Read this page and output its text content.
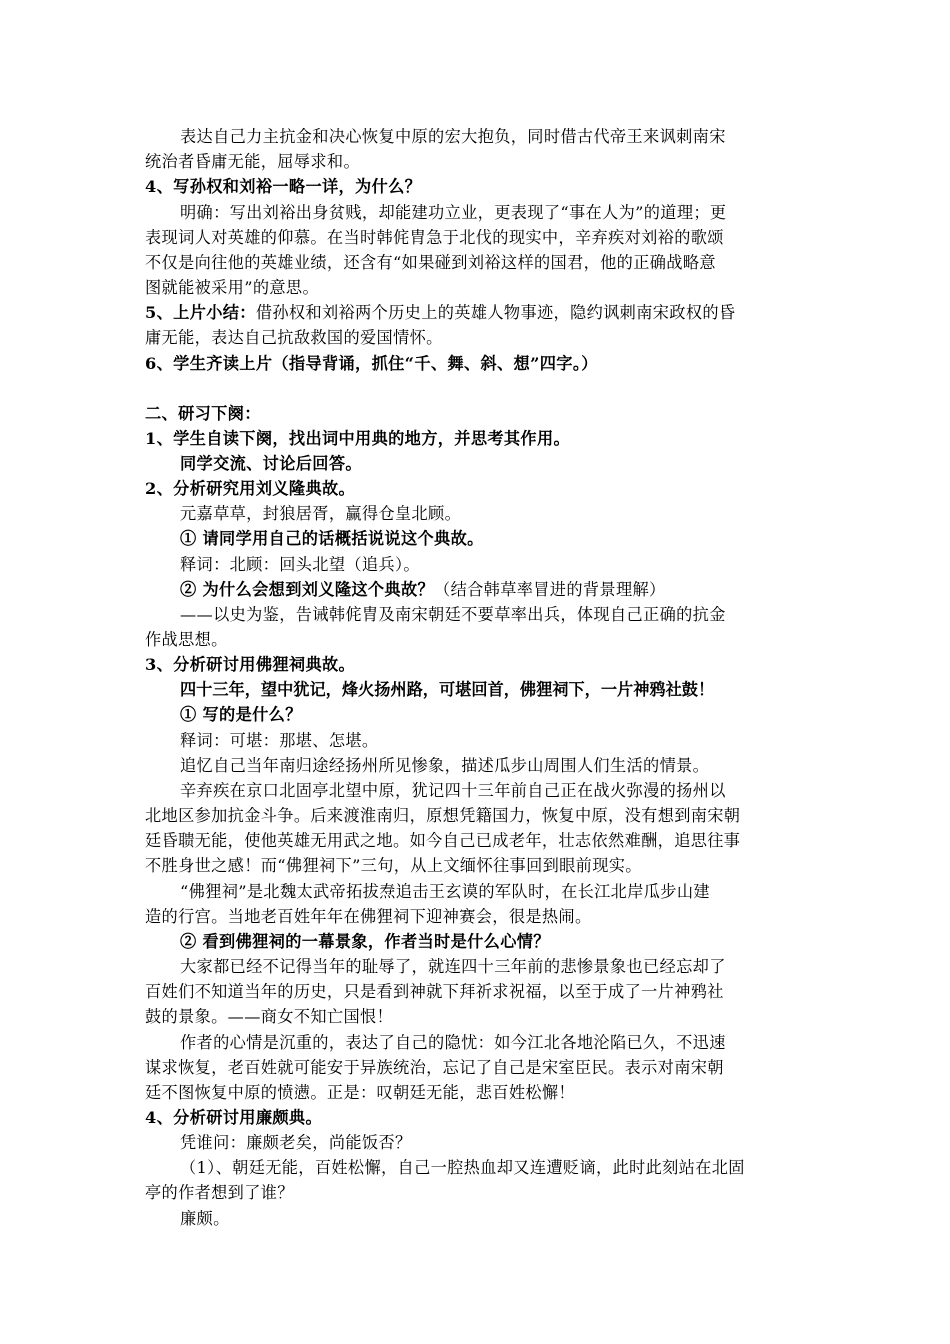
表达自己力主抗金和决心恢复中原的宏大抱负，同时借古代帝王来讽刺南宋
统治者昏庸无能，屈辱求和。
4、写孙权和刘裕一略一详，为什么？
明确：写出刘裕出身贫贱，却能建功立业，更表现了“事在人为”的道理；更
表现词人对英雄的仰慕。在当时韩侂胄急于北伐的现实中，辛弃疾对刘裕的歌颂
不仅是向往他的英雄业绩，还含有“如果碰到刘裕这样的国君，他的正确战略意
图就能被采用”的意思。
5、上片小结：借孙权和刘裕两个历史上的英雄人物事迹，隐约讽刺南宋政权的昏
庸无能，表达自己抗敌救国的爱国情怀。
6、学生齐读上片（指导背诵，抓住“千、舞、斜、想”四字。）
二、研习下阕：
1、学生自读下阕，找出词中用典的地方，并思考其作用。
同学交流、讨论后回答。
2、分析研究用刘义隆典故。
元嘉草草，封狼居胥，赢得仓皇北顾。
① 请同学用自己的话概括说说这个典故。
释词：北顾：回头北望（追兵）。
② 为什么会想到刘义隆这个典故？（结合韩草率冒进的背景理解）
——以史为鉴，告诫韩侂胄及南宋朝廷不要草率出兵，体现自己正确的抗金
作战思想。
3、分析研讨用佛狸祠典故。
四十三年，望中犹记，烽火扬州路，可堪回首，佛狸祠下，一片神鸦社鼓！
① 写的是什么？
释词：可堪：那堪、怎堪。
追忆自己当年南归途经扬州所见惨象，描述瓜步山周围人们生活的情景。
辛弃疾在京口北固亭北望中原，犹记四十三年前自己正在战火弥漫的扬州以
北地区参加抗金斗争。后来渡淮南归，原想凭籍国力，恢复中原，没有想到南宋朝
廷昏聩无能，使他英雄无用武之地。如今自己已成老年，壮志依然难酬，追思往事
不胜身世之感！而“佛狸祠下”三句，从上文缅怀往事回到眼前现实。
“佛狸祠”是北魏太武帝拓拔焘追击王玄谟的军队时，在长江北岸瓜步山建
造的行宫。当地老百姓年年在佛狸祠下迎神赛会，很是热闹。
② 看到佛狸祠的一幕景象，作者当时是什么心情？
大家都已经不记得当年的耻辱了，就连四十三年前的悲惨景象也已经忘却了
百姓们不知道当年的历史，只是看到神就下拜祈求祝福，以至于成了一片神鸦社
鼓的景象。——商女不知亡国恨！
作者的心情是沉重的，表达了自己的隐忧：如今江北各地沦陷已久，不迅速
谋求恢复，老百姓就可能安于异族统治，忘记了自己是宋室臣民。表示对南宋朝
廷不图恢复中原的愤懑。正是：叹朝廷无能，悲百姓松懈！
4、分析研讨用廉颇典。
凭谁问：廉颇老矣，尚能饭否？
（1）、朝廷无能，百姓松懈，自己一腔热血却又连遭贬谪，此时此刻站在北固
亭的作者想到了谁？
廉颇。
